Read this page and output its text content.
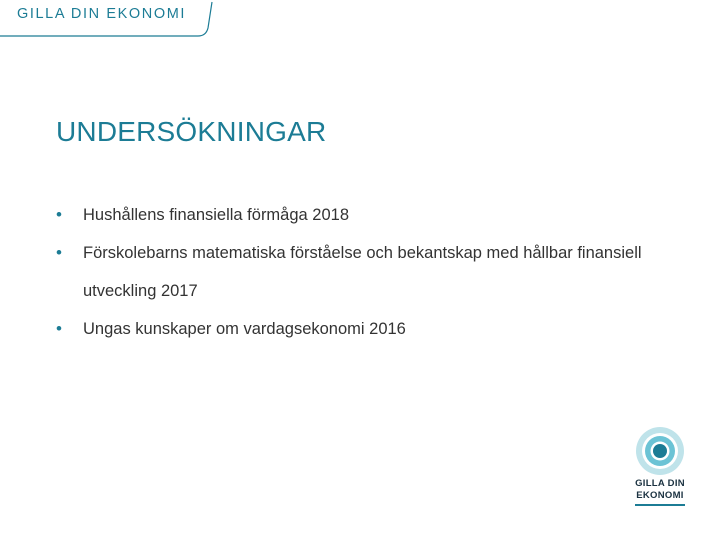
GILLA DIN EKONOMI
UNDERSÖKNINGAR
• Hushållens finansiella förmåga 2018
• Förskolebarns matematiska förståelse och bekantskap med hållbar finansiell utveckling 2017
• Ungas kunskaper om vardagsekonomi 2016
GILLA DIN
EKONOMI
